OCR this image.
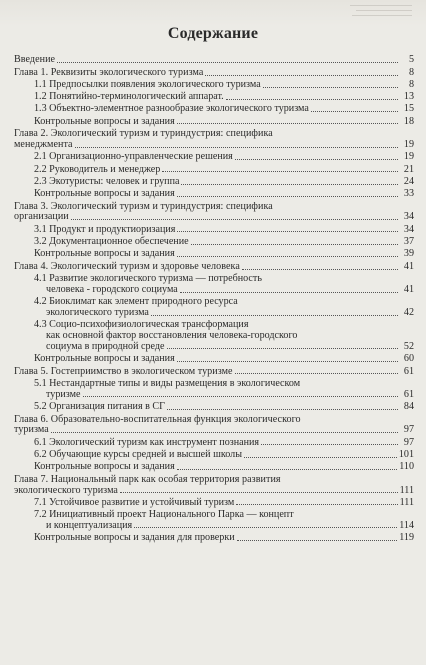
Содержание
Введение	5
Глава 1. Реквизиты экологического туризма	8
1.1 Предпосылки появления экологического туризма	8
1.2 Понятийно-терминологический аппарат.	13
1.3 Объектно-элементное разнообразие экологического туризма	15
Контрольные вопросы и задания	18
Глава 2. Экологический туризм и туриндустрия: специфика
менеджмента	19
2.1 Организационно-управленческие решения	19
2.2 Руководитель и менеджер	21
2.3 Экотуристы: человек и группа	24
Контрольные вопросы и задания	33
Глава 3. Экологический туризм и туриндустрия: специфика
организации	34
3.1 Продукт и продуктиоризация	34
3.2 Документационное обеспечение	37
Контрольные вопросы и задания	39
Глава 4. Экологический туризм и здоровье человека	41
4.1 Развитие экологического туризма — потребность
человека - городского социума	41
4.2 Биоклимат как элемент природного ресурса
экологического туризма	42
4.3 Социо-психофизиологическая трансформация
как основной фактор восстановления человека-городского
социума в природной среде	52
Контрольные вопросы и задания	60
Глава 5. Гостеприимство в экологическом туризме	61
5.1 Нестандартные типы и виды размещения в экологическом
туризме	61
5.2 Организация питания в СГ	84
Глава 6. Образовательно-воспитательная функция экологического
туризма	97
6.1 Экологический туризм как инструмент познания	97
6.2 Обучающие курсы средней и высшей школы	101
Контрольные вопросы и задания	110
Глава 7. Национальный парк как особая территория развития
экологического туризма	111
7.1 Устойчивое развитие и устойчивый туризм	111
7.2 Инициативный проект Национального Парка — концепт
и концептуализация	114
Контрольные вопросы и задания для проверки	119
